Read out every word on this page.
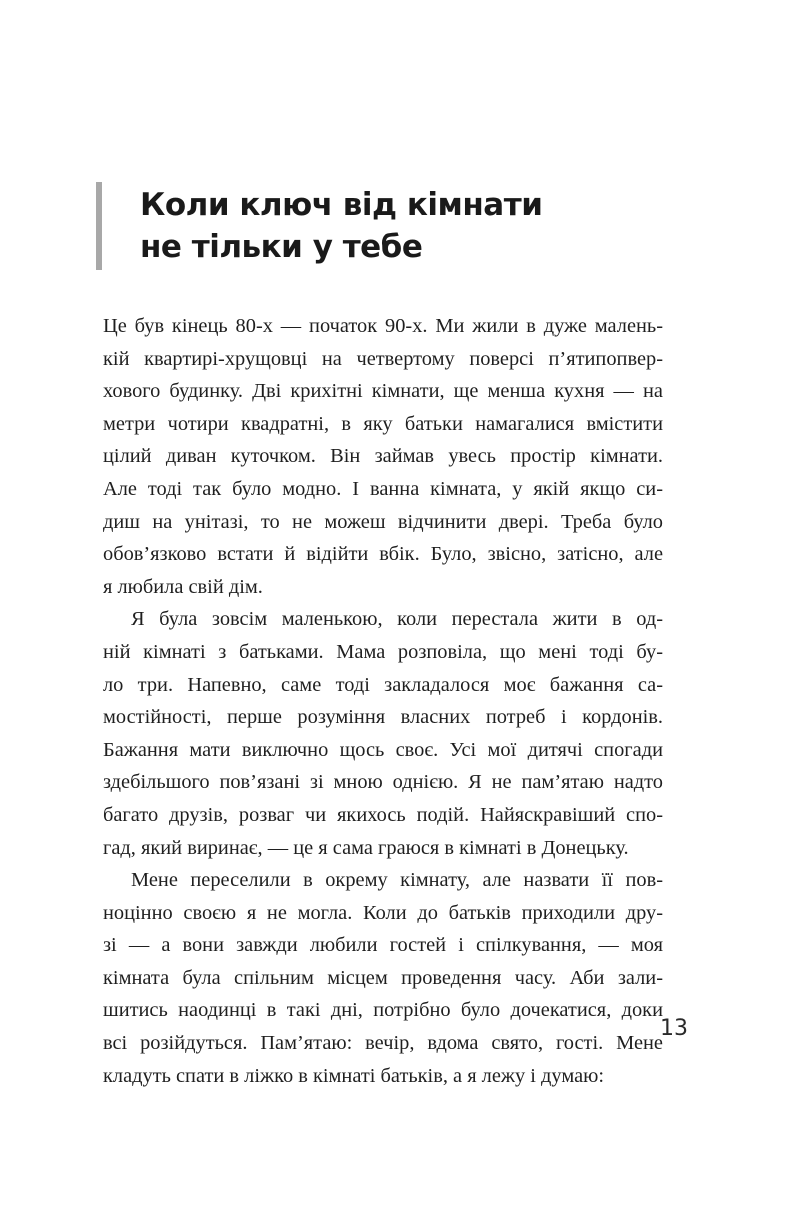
Коли ключ від кімнати
не тільки у тебе
Це був кінець 80-х — початок 90-х. Ми жили в дуже малень-
кій квартирі-хрущовці на четвертому поверсі п’ятипопвер-
хового будинку. Дві крихітні кімнати, ще менша кухня — на
метри чотири квадратні, в яку батьки намагалися вмістити
цілий диван куточком. Він займав увесь простір кімнати.
Але тоді так було модно. І ванна кімната, у якій якщо си-
диш на унітазі, то не можеш відчинити двері. Треба було
обов’язково встати й відійти вбік. Було, звісно, затісно, але
я любила свій дім.
Я була зовсім маленькою, коли перестала жити в од-
ній кімнаті з батьками. Мама розповіла, що мені тоді бу-
ло три. Напевно, саме тоді закладалося моє бажання са-
мостійності, перше розуміння власних потреб і кордонів.
Бажання мати виключно щось своє. Усі мої дитячі спогади
здебільшого пов’язані зі мною однією. Я не пам’ятаю надто
багато друзів, розваг чи якихось подій. Найяскравіший спо-
гад, який виринає, — це я сама граюся в кімнаті в Донецьку.
Мене переселили в окрему кімнату, але назвати її пов-
ноцінно своєю я не могла. Коли до батьків приходили дру-
зі — а вони завжди любили гостей і спілкування, — моя
кімната була спільним місцем проведення часу. Аби зали-
шитись наодинці в такі дні, потрібно було дочекатися, доки
всі розійдуться. Пам’ятаю: вечір, вдома свято, гості. Мене
кладуть спати в ліжко в кімнаті батьків, а я лежу і думаю:
13
